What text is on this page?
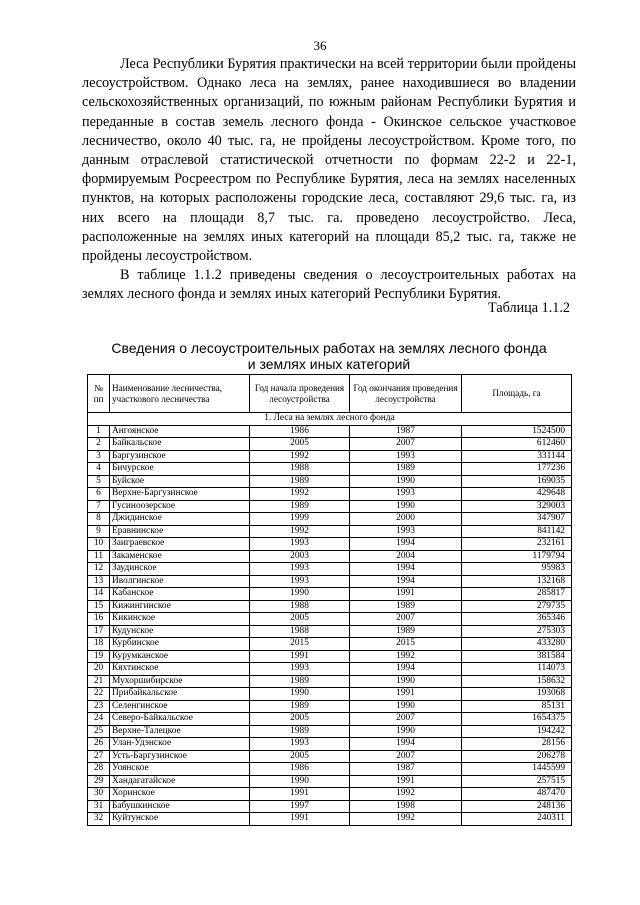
36

Леса Республики Бурятия практически на всей территории были пройдены лесоустройством. Однако леса на землях, ранее находившиеся во владении сельскохозяйственных организаций, по южным районам Республики Бурятия и переданные в состав земель лесного фонда - Окинское сельское участковое лесничество, около 40 тыс. га, не пройдены лесоустройством. Кроме того, по данным отраслевой статистической отчетности по формам 22-2 и 22-1, формируемым Росреестром по Республике Бурятия, леса на землях населенных пунктов, на которых расположены городские леса, составляют 29,6 тыс. га, из них всего на площади 8,7 тыс. га. проведено лесоустройство. Леса, расположенные на землях иных категорий на площади 85,2 тыс. га, также не пройдены лесоустройством.

В таблице 1.1.2 приведены сведения о лесоустроительных работах на землях лесного фонда и землях иных категорий Республики Бурятия.

Таблица 1.1.2
Сведения о лесоустроительных работах на землях лесного фонда
и землях иных категорий
№ пп	Наименование лесничества, участкового лесничества	Год начала проведения лесоустройства	Год окончания проведения лесоустройства	Площадь, га
1. Леса на землях лесного фонда				
1	Ангоянское	1986	1987	1524500
2	Байкальское	2005	2007	612460
3	Баргузинское	1992	1993	331144
4	Бичурское	1988	1989	177236
5	Буйское	1989	1990	169035
6	Верхне-Баргузинское	1992	1993	429648
7	Гусиноозерское	1989	1990	329003
8	Джидинское	1999	2000	347907
9	Еравнинское	1992	1993	841142
10	Заиграевское	1993	1994	232161
11	Закаменское	2003	2004	1179794
12	Заудинское	1993	1994	95983
13	Иволгинское	1993	1994	132168
14	Кабанское	1990	1991	285817
15	Кижингинское	1988	1989	279735
16	Кикинское	2005	2007	365346
17	Кудунское	1988	1989	275303
18	Курбинское	2015	2015	433280
19	Курумканское	1991	1992	381584
20	Кяхтинское	1993	1994	114073
21	Мухоршибирское	1989	1990	158632
22	Прибайкальское	1990	1991	193068
23	Селенгинское	1989	1990	85131
24	Северо-Байкальское	2005	2007	1654375
25	Верхне-Талецкое	1989	1990	194242
26	Улан-Удэнское	1993	1994	28156
27	Усть-Баргузинское	2005	2007	206278
28	Уоянское	1986	1987	1445599
29	Хандагатайское	1990	1991	257515
30	Хоринское	1991	1992	487470
31	Бабушкинское	1997	1998	248136
32	Куйтунское	1991	1992	240311
